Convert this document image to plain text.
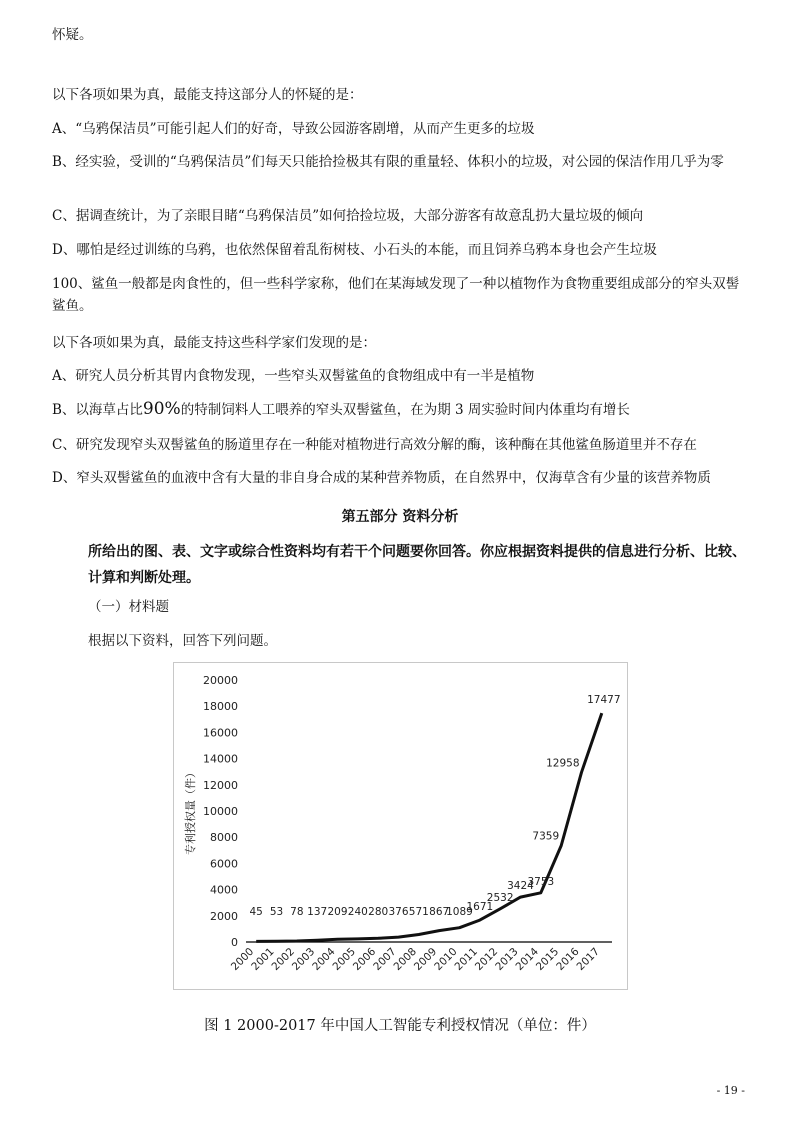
怀疑。

以下各项如果为真，最能支持这部分人的怀疑的是：

A、“乌鸦保洁员”可能引起人们的好奇，导致公园游客剧增，从而产生更多的垃圾

B、经实验，受训的“乌鸦保洁员”们每天只能拾捡极其有限的重量轻、体积小的垃圾，对公园的保洁作用几乎为零

C、据调查统计，为了亲眼目睹“乌鸦保洁员”如何拾捡垃圾，大部分游客有故意乱扔大量垃圾的倾向

D、哪怕是经过训练的乌鸦，也依然保留着乱衔树枝、小石头的本能，而且饲养乌鸦本身也会产生垃圾

100、鲨鱼一般都是肉食性的，但一些科学家称，他们在某海域发现了一种以植物作为食物重要组成部分的窄头双髻鲨鱼。

以下各项如果为真，最能支持这些科学家们发现的是：

A、研究人员分析其胃内食物发现，一些窄头双髻鲨鱼的食物组成中有一半是植物

B、以海草占比90%的特制饲料人工喂养的窄头双髻鲨鱼，在为期 3 周实验时间内体重均有增长

C、研究发现窄头双髻鲨鱼的肠道里存在一种能对植物进行高效分解的酶，该种酶在其他鲨鱼肠道里并不存在

D、窄头双髻鲨鱼的血液中含有大量的非自身合成的某种营养物质，在自然界中，仅海草含有少量的该营养物质

第五部分 资料分析

所给出的图、表、文字或综合性资料均有若干个问题要你回答。你应根据资料提供的信息进行分析、比较、计算和判断处理。

（一）材料题

根据以下资料，回答下列问题。

0
2000
4000
6000
8000
10000
12000
14000
16000
18000
20000
专利授权量（件）
2000
2001
2002
2003
2004
2005
2006
2007
2008
2009
2010
2011
2012
2013
2014
2015
2016
2017
45 53 78 137 209 240 280 376 571 867
1089
1671
2532
3424
3753
7359
12958
17477
图 1 2000-2017 年中国人工智能专利授权情况（单位：件）
- 19 -
